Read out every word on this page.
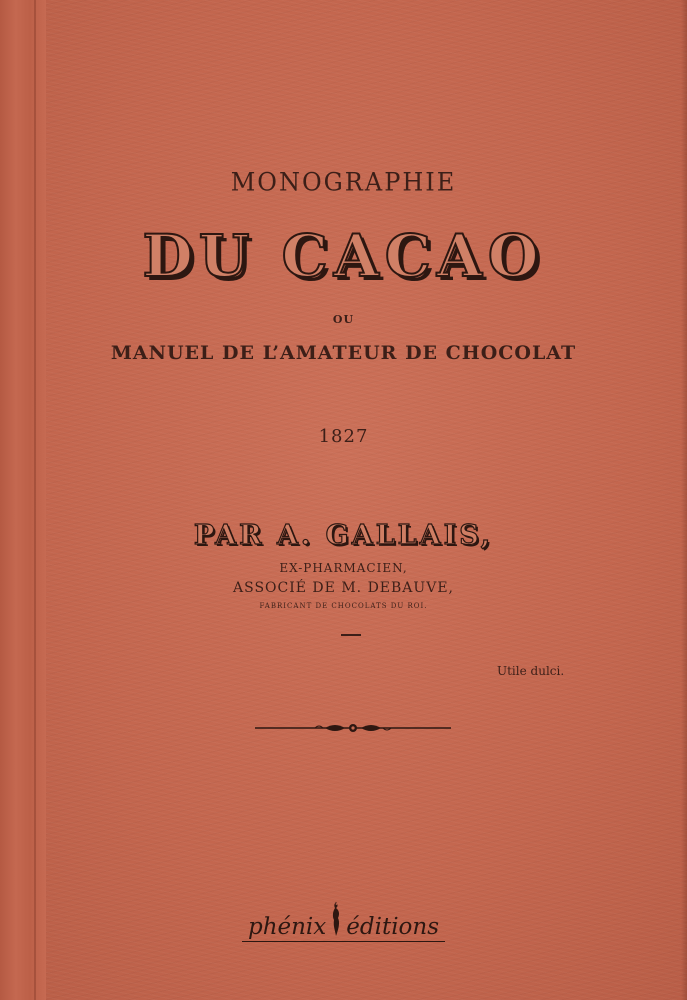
MONOGRAPHIE
DU CACAO
OU
MANUEL DE L’AMATEUR DE CHOCOLAT
1827
PAR A. GALLAIS,
EX-PHARMACIEN,
ASSOCIÉ DE M. DEBAUVE,
FABRICANT DE CHOCOLATS DU ROI.
Utile dulci.
phénix éditions
